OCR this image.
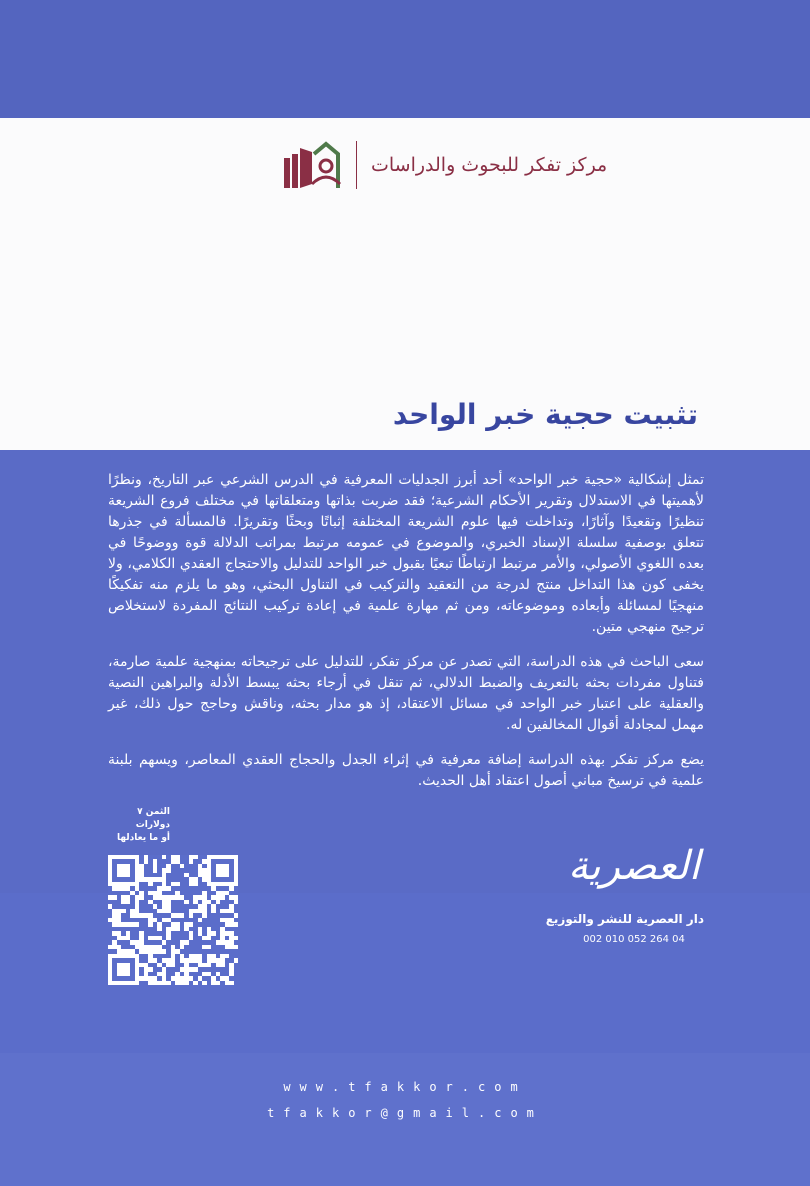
مركز تفكر للبحوث والدراسات
تثبيت حجية خبر الواحد

تمثل إشكالية «حجية خبر الواحد» أحد أبرز الجدليات المعرفية في الدرس الشرعي عبر التاريخ، ونظرًا لأهميتها في الاستدلال وتقرير الأحكام الشرعية؛ فقد ضربت بذاتها ومتعلقاتها في مختلف فروع الشريعة تنظيرًا وتقعيدًا وآثارًا، وتداخلت فيها علوم الشريعة المختلفة إثباتًا وبحثًا وتقريرًا. فالمسألة في جذرها تتعلق بوصفية سلسلة الإسناد الخبري، والموضوع في عمومه مرتبط بمراتب الدلالة قوة ووضوحًا في بعده اللغوي الأصولي، والأمر مرتبط ارتباطًا تبعيًا بقبول خبر الواحد للتدليل والاحتجاج العقدي الكلامي، ولا يخفى كون هذا التداخل منتج لدرجة من التعقيد والتركيب في التناول البحثي، وهو ما يلزم منه تفكيكًا منهجيًا لمسائلة وأبعاده وموضوعاته، ومن ثم مهارة علمية في إعادة تركيب النتائج المفردة لاستخلاص ترجيح منهجي متين.

سعى الباحث في هذه الدراسة، التي تصدر عن مركز تفكر، للتدليل على ترجيحاته بمنهجية علمية صارمة، فتناول مفردات بحثه بالتعريف والضبط الدلالي، ثم تنقل في أرجاء بحثه يبسط الأدلة والبراهين النصية والعقلية على اعتبار خبر الواحد في مسائل الاعتقاد، إذ هو مدار بحثه، وناقش وحاجج حول ذلك، غير مهمل لمجادلة أقوال المخالفين له.

يضع مركز تفكر بهذه الدراسة إضافة معرفية في إثراء الجدل والحجاج العقدي المعاصر، ويسهم بلبنة علمية في ترسيخ مباني أصول اعتقاد أهل الحديث.

الثمن ٧ دولارات
أو ما يعادلها
العصرية
دار العصرية للنشر والتوزيع
002 010 052 264 04
www.tfakkor.com
tfakkor@gmail.com
